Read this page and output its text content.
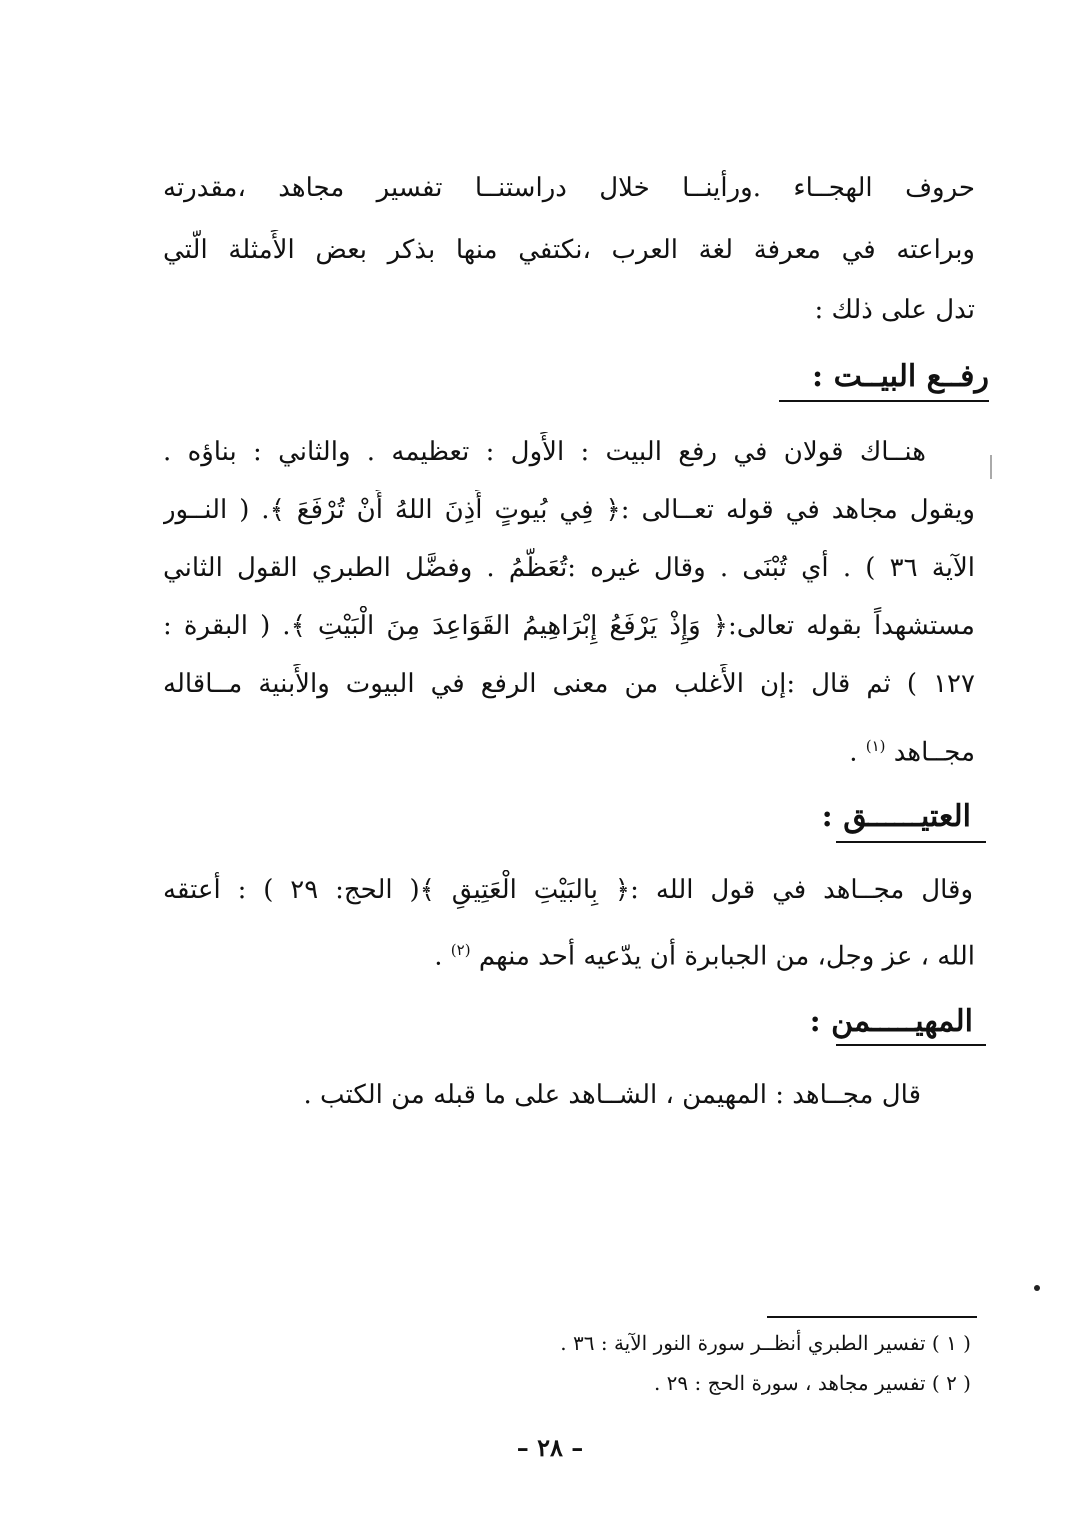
حروف الهجــاء .ورأينــا خلال دراستنــا تفسير مجاهد ،مقدرته
وبراعته في معرفة لغة العرب ،نكتفي منها بذكر بعض الأَمثلة الّتي
تدل على ذلك :
رفــع البيــت :
هنــاك قولان في رفع البيت : الأَول : تعظيمه . والثاني : بناؤه .
ويقول مجاهد في قوله تعــالى :﴿ فِي بُيوتٍ أَذِنَ اللهُ أَنْ تُرْفَعَ ﴾. ( النــور
الآية ٣٦ ) . أي تُبْنَى . وقال غيره :تُعَظَّمُ . وفضَّل الطبري القول الثاني
مستشهداً بقوله تعالى:﴿ وَإِذْ يَرْفَعُ إِبْرَاهِيمُ القَوَاعِدَ مِنَ الْبَيْتِ ﴾. ( البقرة :
١٢٧ ) ثم قال :إن الأَغلب من معنى الرفع في البيوت والأَبنية مــاقاله
مجــاهد $^{(١)}$ .
العتيــــــق :
وقال مجــاهد في قول الله :﴿ بِالبَيْتِ الْعَتِيقِ ﴾( الحج: ٢٩ ) : أعتقه
الله ، عز وجل، من الجبابرة أن يدّعيه أحد منهم $^{(٢)}$ .
المهيـــــمن :
قال مجــاهد : المهيمن ، الشــاهد على ما قبله من الكتب .
( ١ ) تفسير الطبري أنظــر سورة النور الآية : ٣٦ .
( ٢ ) تفسير مجاهد ، سورة الحج : ٢٩ .
– ٢٨ –
